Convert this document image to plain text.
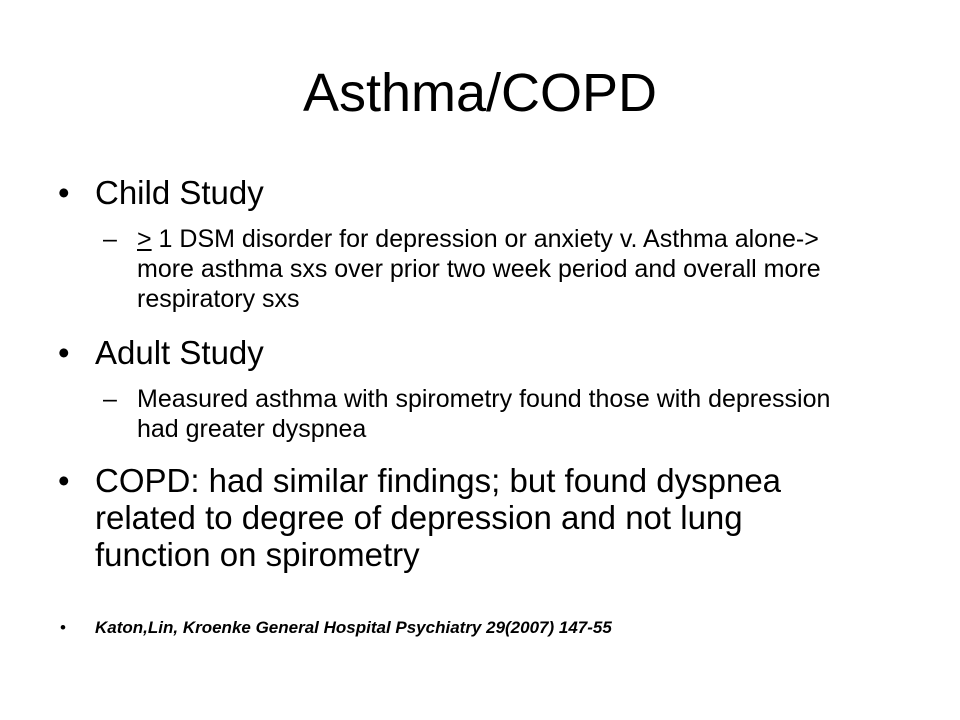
Asthma/COPD
• Child Study
– ≥ 1 DSM disorder for depression or anxiety v. Asthma alone-> more asthma sxs over prior two week period and overall more respiratory sxs
• Adult Study
– Measured asthma with spirometry found those with depression had greater dyspnea
• COPD: had similar findings; but found dyspnea related to degree of depression and not lung function on spirometry
• Katon,Lin, Kroenke General Hospital Psychiatry 29(2007) 147-55
